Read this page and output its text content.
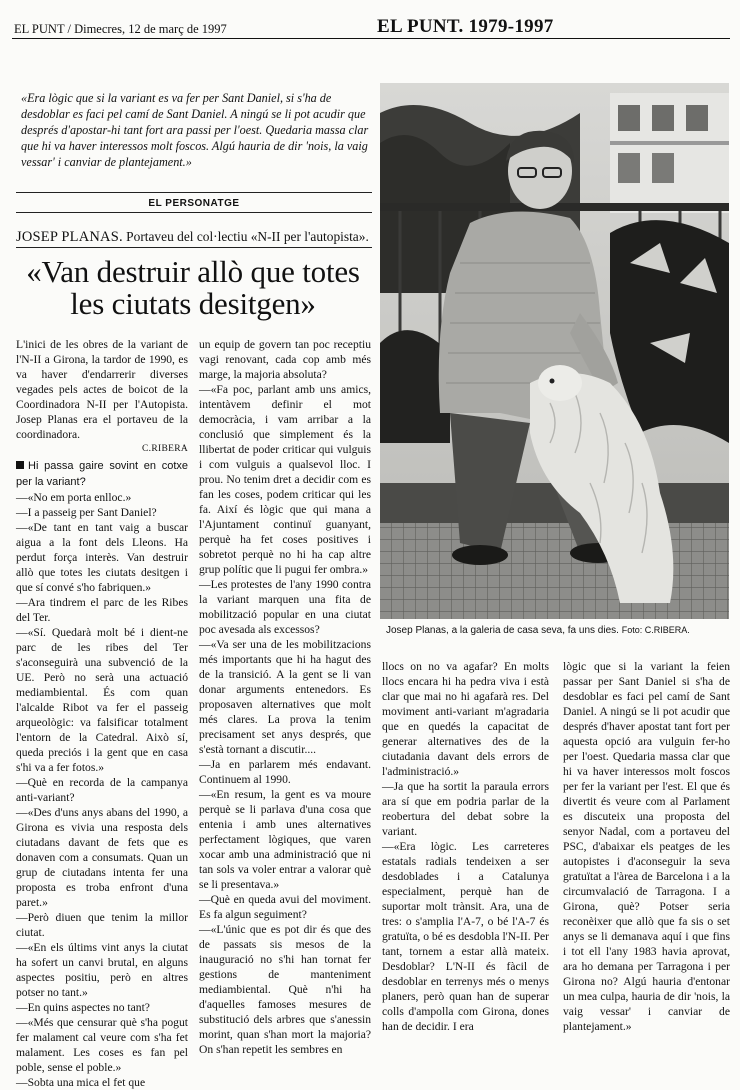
EL PUNT / Dimecres, 12 de març de 1997	EL PUNT. 1979-1997
«Era lògic que si la variant es va fer per Sant Daniel, si s'ha de desdoblar es faci pel camí de Sant Daniel. A ningú se li pot acudir que després d'apostar-hi tant fort ara passi per l'oest. Quedaria massa clar que hi va haver interessos molt foscos. Algú hauria de dir 'nois, la vaig vessar' i canviar de plantejament.»
EL PERSONATGE
JOSEP PLANAS. Portaveu del col·lectiu «N-II per l'autopista».
«Van destruir allò que totes les ciutats desitgen»

L'inici de les obres de la variant de l'N-II a Girona, la tardor de 1990, es va haver d'endarrerir diverses vegades pels actes de boicot de la Coordinadora N-II per l'Autopista. Josep Planas era el portaveu de la coordinadora.

C.RIBERA

Hi passa gaire sovint en cotxe per la variant?

—«No em porta enlloc.»

—I a passeig per Sant Daniel?

—«De tant en tant vaig a buscar aigua a la font dels Lleons. Ha perdut força interès. Van destruir allò que totes les ciutats desitgen i que sí convé s'ho fabriquen.»

—Ara tindrem el parc de les Ribes del Ter.

—«Sí. Quedarà molt bé i dient-ne parc de les ribes del Ter s'aconseguirà una subvenció de la UE. Però no serà una actuació mediambiental. És com quan l'alcalde Ribot va fer el passeig arqueològic: va falsificar totalment l'entorn de la Catedral. Això sí, queda preciós i la gent que en casa s'hi va a fer fotos.»

—Què en recorda de la campanya anti-variant?

—«Des d'uns anys abans del 1990, a Girona es vivia una resposta dels ciutadans davant de fets que es donaven com a consumats. Quan un grup de ciutadans intenta fer una proposta es troba enfront d'una paret.»

—Però diuen que tenim la millor ciutat.

—«En els últims vint anys la ciutat ha sofert un canvi brutal, en alguns aspectes positiu, però en altres potser no tant.»

—En quins aspectes no tant?

—«Més que censurar què s'ha pogut fer malament cal veure com s'ha fet malament. Les coses es fan pel poble, sense el poble.»

—Sobta una mica el fet que

un equip de govern tan poc receptiu vagi renovant, cada cop amb més marge, la majoria absoluta?

—«Fa poc, parlant amb uns amics, intentàvem definir el mot democràcia, i vam arribar a la conclusió que simplement és la llibertat de poder criticar qui vulguis i com vulguis a qualsevol lloc. I prou. No tenim dret a decidir com es fan les coses, podem criticar qui les fa. Així és lògic que qui mana a l'Ajuntament continuï guanyant, perquè ha fet coses positives i sobretot perquè no hi ha cap altre grup polític que li pugui fer ombra.»

—Les protestes de l'any 1990 contra la variant marquen una fita de mobilització popular en una ciutat poc avesada als excessos?

—«Va ser una de les mobilitzacions més importants que hi ha hagut des de la transició. A la gent se li van donar arguments entenedors. Es proposaven alternatives que molt més clares. La prova la tenim precisament set anys després, que s'està tornant a discutir....

—Ja en parlarem més endavant. Continuem al 1990.

—«En resum, la gent es va moure perquè se li parlava d'una cosa que entenia i amb unes alternatives perfectament lògiques, que varen xocar amb una administració que ni tan sols va voler entrar a valorar què se li presentava.»

—Què en queda avui del moviment. Es fa algun seguiment?

—«L'únic que es pot dir és que des de passats sis mesos de la inauguració no s'hi han tornat fer gestions de manteniment mediambiental. Què n'hi ha d'aquelles famoses mesures de substitució dels arbres que s'anessin morint, quan s'han mort la majoria? On s'han repetit les sembres en

Josep Planas, a la galeria de casa seva, fa uns dies. Foto: C.RIBERA.

llocs on no va agafar? En molts llocs encara hi ha pedra viva i està clar que mai no hi agafarà res. Del moviment anti-variant m'agradaria que en quedés la capacitat de generar alternatives des de la ciutadania davant dels errors de l'administració.»

—Ja que ha sortit la paraula errors ara sí que em podria parlar de la reobertura del debat sobre la variant.

—«Era lògic. Les carreteres estatals radials tendeixen a ser desdoblades i a Catalunya especialment, perquè han de suportar molt trànsit. Ara, una de tres: o s'amplia l'A-7, o bé l'A-7 és gratuïta, o bé es desdobla l'N-II. Per tant, tornem a estar allà mateix. Desdoblar? L'N-II és fàcil de desdoblar en terrenys més o menys planers, però quan han de superar colls d'ampolla com Girona, dones han de decidir. I era

lògic que si la variant la feien passar per Sant Daniel si s'ha de desdoblar es faci pel camí de Sant Daniel. A ningú se li pot acudir que després d'haver apostat tant fort per aquesta opció ara vulguin fer-ho per l'oest. Quedaria massa clar que hi va haver interessos molt foscos per fer la variant per l'est. El que és divertit és veure com al Parlament es discuteix una proposta del senyor Nadal, com a portaveu del PSC, d'abaixar els peatges de les autopistes i d'aconseguir la seva gratuïtat a l'àrea de Barcelona i a la circumvalació de Tarragona. I a Girona, què? Potser seria reconèixer que allò que fa sis o set anys se li demanava aquí i que fins i tot ell l'any 1983 havia aprovat, ara ho demana per Tarragona i per Girona no? Algú hauria d'entonar un mea culpa, hauria de dir 'nois, la vaig vessar' i canviar de plantejament.»
